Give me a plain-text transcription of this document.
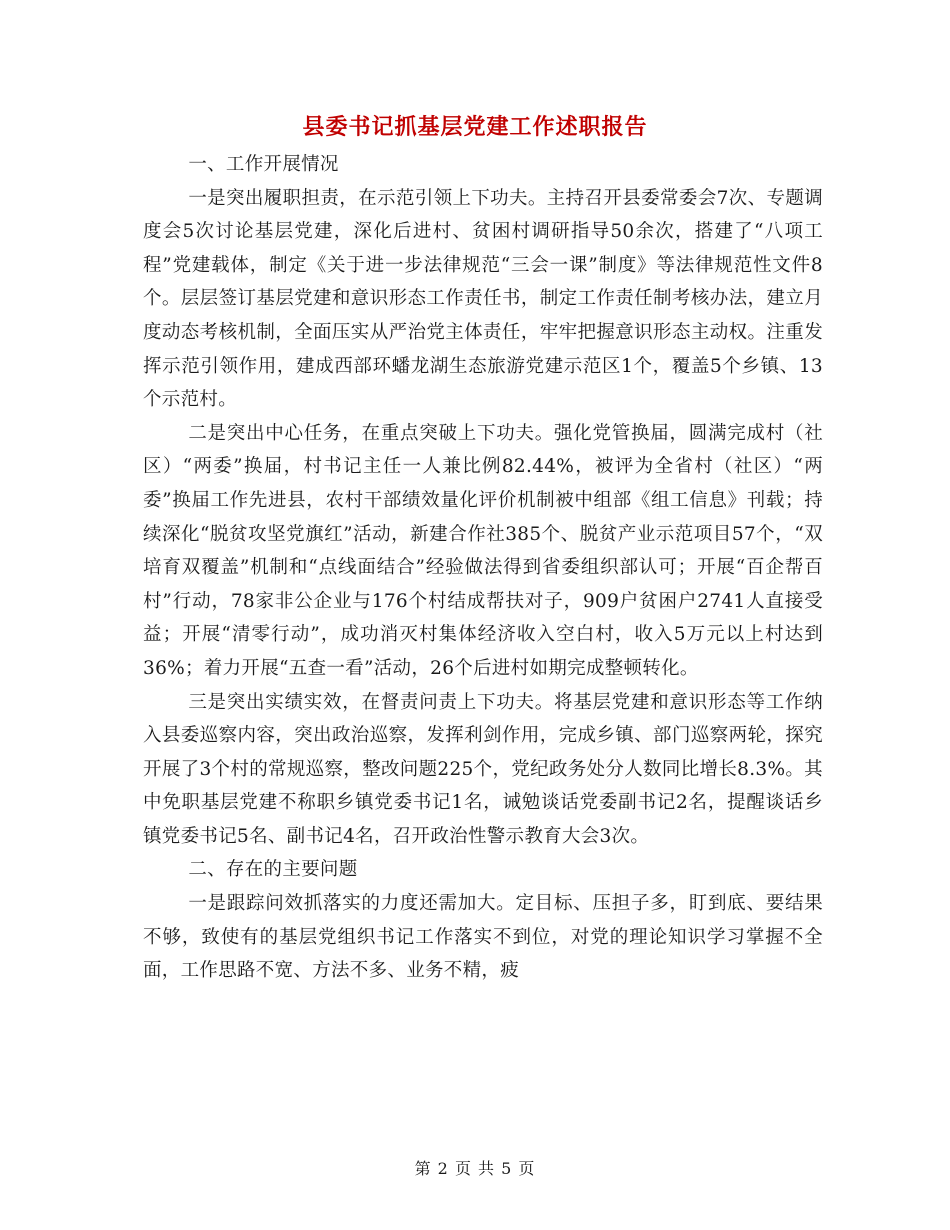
县委书记抓基层党建工作述职报告

一、工作开展情况

一是突出履职担责，在示范引领上下功夫。主持召开县委常委会7次、专题调度会5次讨论基层党建，深化后进村、贫困村调研指导50余次，搭建了“八项工程”党建载体，制定《关于进一步法律规范“三会一课”制度》等法律规范性文件8个。层层签订基层党建和意识形态工作责任书，制定工作责任制考核办法，建立月度动态考核机制，全面压实从严治党主体责任，牢牢把握意识形态主动权。注重发挥示范引领作用，建成西部环蟠龙湖生态旅游党建示范区1个，覆盖5个乡镇、13个示范村。

二是突出中心任务，在重点突破上下功夫。强化党管换届，圆满完成村（社区）“两委”换届，村书记主任一人兼比例82.44%，被评为全省村（社区）“两委”换届工作先进县，农村干部绩效量化评价机制被中组部《组工信息》刊载；持续深化“脱贫攻坚党旗红”活动，新建合作社385个、脱贫产业示范项目57个，“双培育双覆盖”机制和“点线面结合”经验做法得到省委组织部认可；开展“百企帮百村”行动，78家非公企业与176个村结成帮扶对子，909户贫困户2741人直接受益；开展“清零行动”，成功消灭村集体经济收入空白村，收入5万元以上村达到36%；着力开展“五查一看”活动，26个后进村如期完成整顿转化。

三是突出实绩实效，在督责问责上下功夫。将基层党建和意识形态等工作纳入县委巡察内容，突出政治巡察，发挥利剑作用，完成乡镇、部门巡察两轮，探究开展了3个村的常规巡察，整改问题225个，党纪政务处分人数同比增长8.3%。其中免职基层党建不称职乡镇党委书记1名，诫勉谈话党委副书记2名，提醒谈话乡镇党委书记5名、副书记4名，召开政治性警示教育大会3次。

二、存在的主要问题

一是跟踪问效抓落实的力度还需加大。定目标、压担子多，盯到底、要结果不够，致使有的基层党组织书记工作落实不到位，对党的理论知识学习掌握不全面，工作思路不宽、方法不多、业务不精，疲

第 2 页 共 5 页
